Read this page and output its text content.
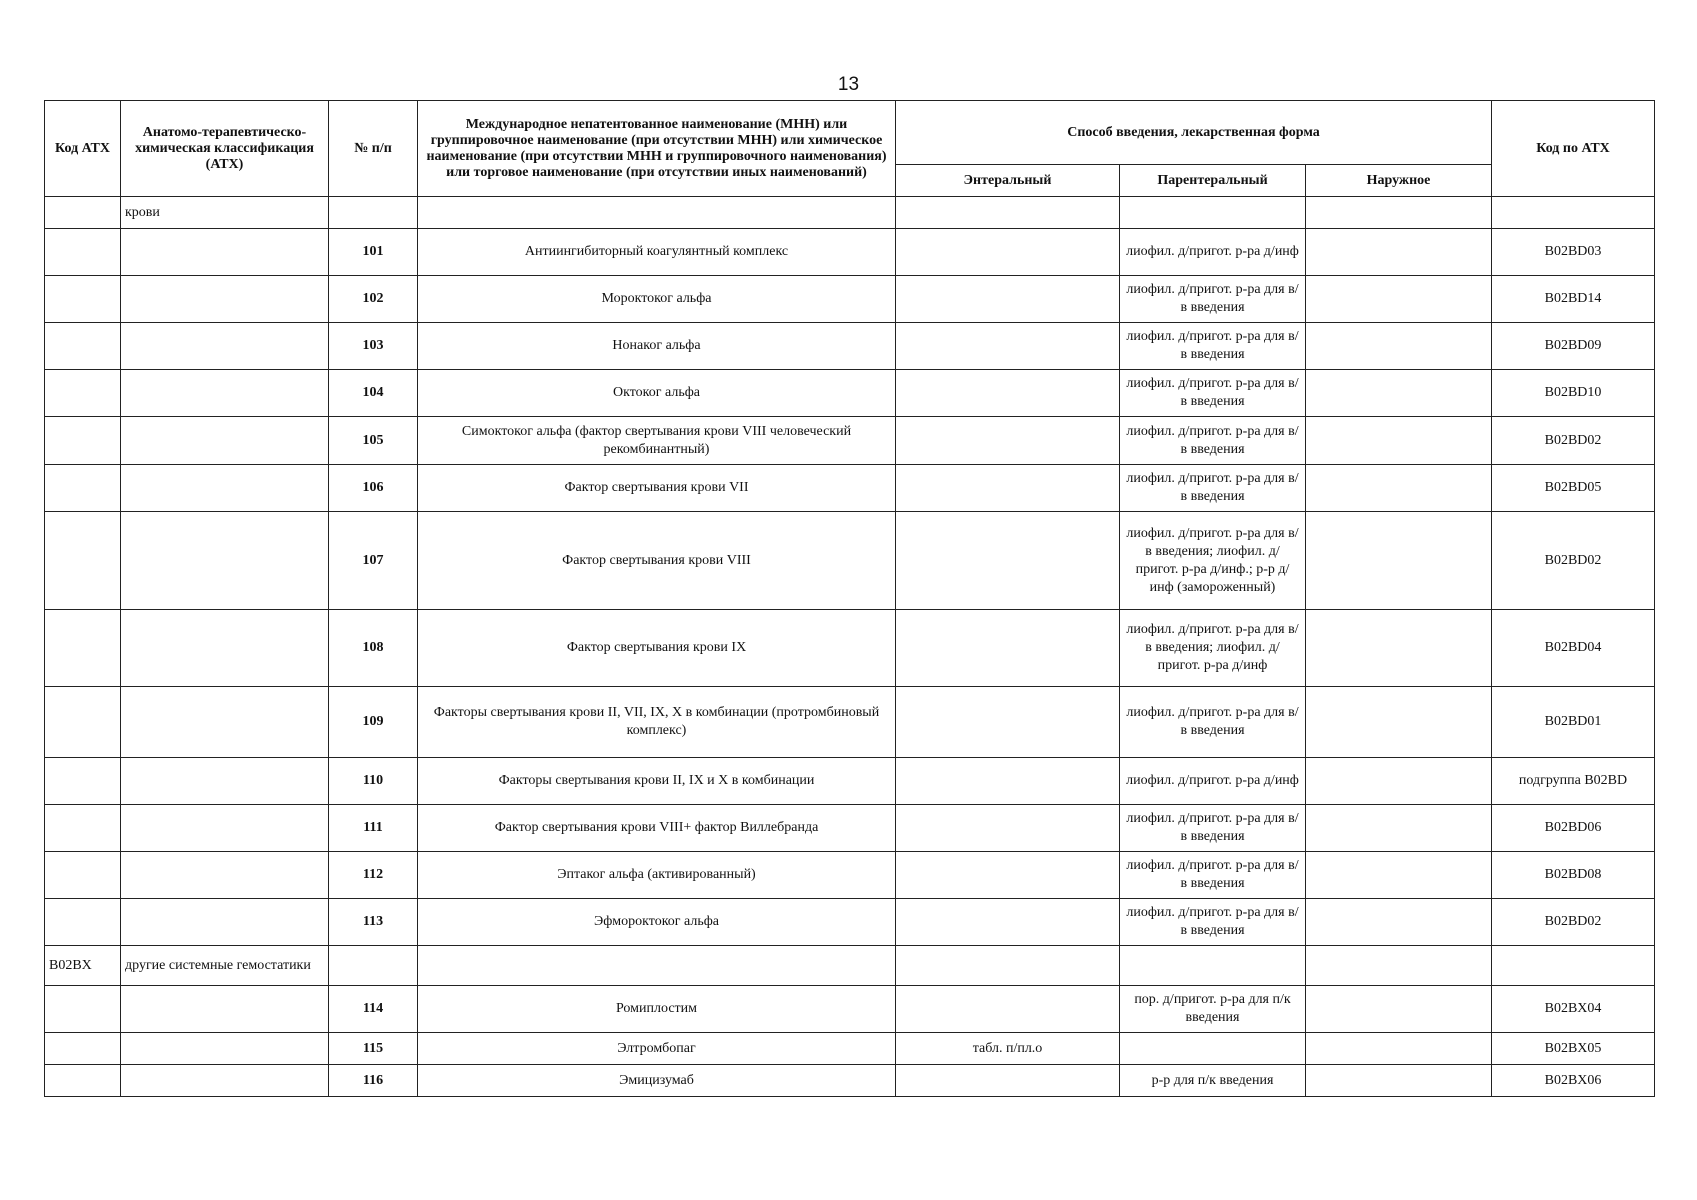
13
Код АТХ	Анатомо-терапевтическо-химическая классификация (АТХ)	№ п/п	Международное непатентованное наименование (МНН) или группировочное наименование (при отсутствии МНН) или химическое наименование (при отсутствии МНН и группировочного наименования) или торговое наименование (при отсутствии иных наименований)	Способ введения, лекарственная форма			Код по АТХ
				Энтеральный	Парентеральный	Наружное	
	крови						
		101	Антиингибиторный коагулянтный комплекс		лиофил. д/пригот. р-ра д/инф		B02BD03
		102	Мороктоког альфа		лиофил. д/пригот. р-ра для в/в введения		B02BD14
		103	Нонаког альфа		лиофил. д/пригот. р-ра для в/в введения		B02BD09
		104	Октоког альфа		лиофил. д/пригот. р-ра для в/в введения		B02BD10
		105	Симоктоког альфа (фактор свертывания крови VIII человеческий рекомбинантный)		лиофил. д/пригот. р-ра для в/в введения		B02BD02
		106	Фактор свертывания крови VII		лиофил. д/пригот. р-ра для в/в введения		B02BD05
		107	Фактор свертывания крови VIII		лиофил. д/пригот. р-ра для в/в введения; лиофил. д/пригот. р-ра д/инф.; р-р д/инф (замороженный)		B02BD02
		108	Фактор свертывания крови IX		лиофил. д/пригот. р-ра для в/в введения; лиофил. д/пригот. р-ра д/инф		B02BD04
		109	Факторы свертывания крови II, VII, IX, X в комбинации (протромбиновый комплекс)		лиофил. д/пригот. р-ра для в/в введения		B02BD01
		110	Факторы свертывания крови II, IX и X в комбинации		лиофил. д/пригот. р-ра д/инф		подгруппа B02BD
		111	Фактор свертывания крови VIII+ фактор Виллебранда		лиофил. д/пригот. р-ра для в/в введения		B02BD06
		112	Эптаког альфа (активированный)		лиофил. д/пригот. р-ра для в/в введения		B02BD08
		113	Эфмороктоког альфа		лиофил. д/пригот. р-ра для в/в введения		B02BD02
B02BX	другие системные гемостатики						
		114	Ромиплостим		пор. д/пригот. р-ра для п/к введения		B02BX04
		115	Элтромбопаг	табл. п/пл.о			B02BX05
		116	Эмицизумаб		р-р для п/к введения		B02BX06
